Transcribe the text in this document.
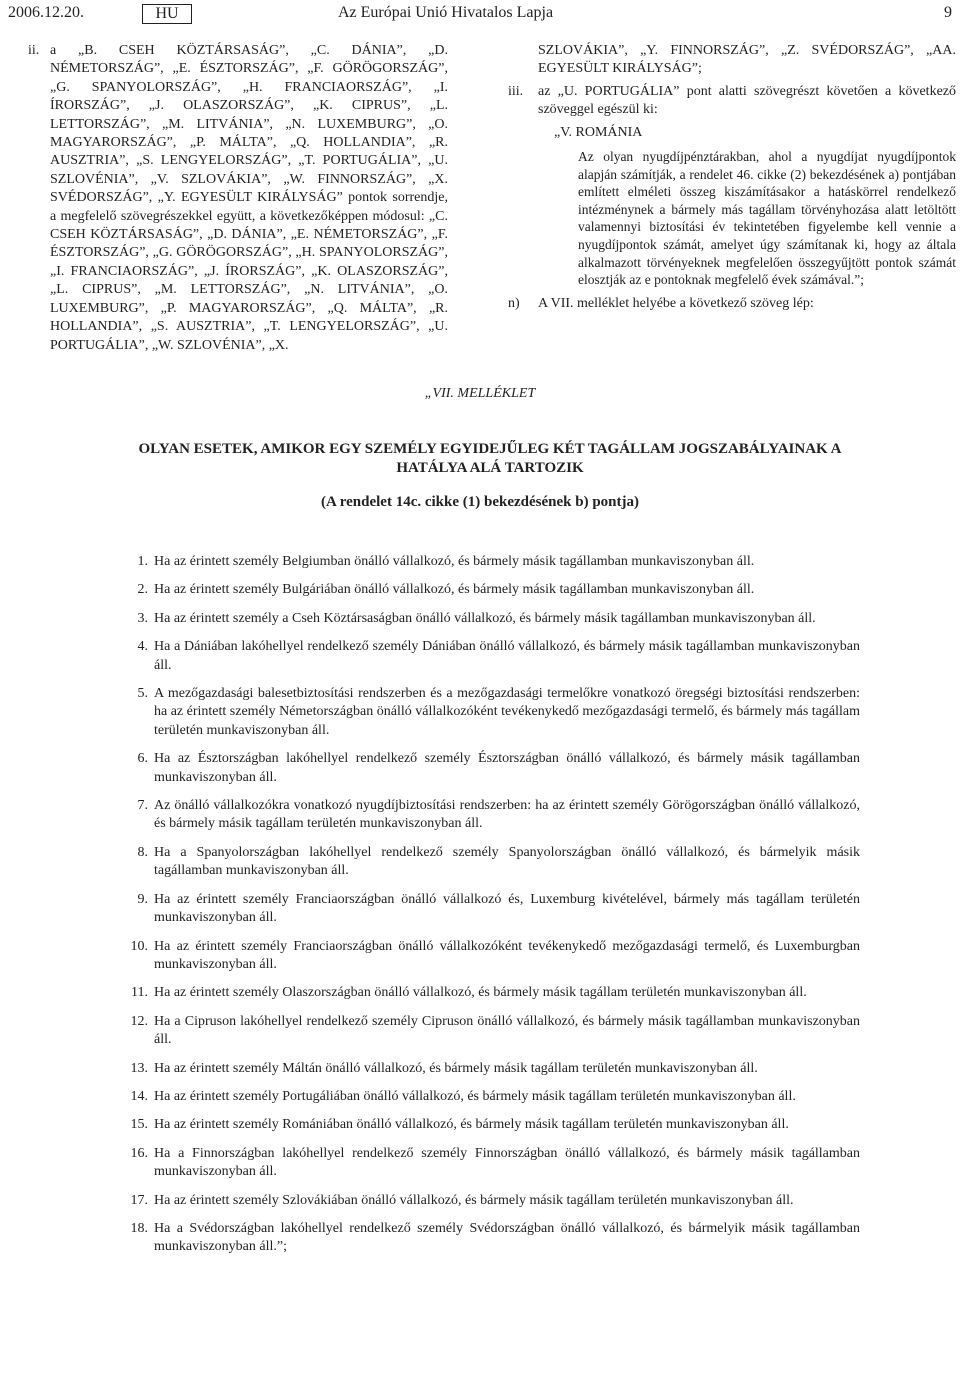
2006.12.20.	HU	Az Európai Unió Hivatalos Lapja	9
ii. a „B. CSEH KÖZTÁRSASÁG”, „C. DÁNIA”, „D. NÉMETORSZÁG”, „E. ÉSZTORSZÁG”, „F. GÖRÖGORSZÁG”, „G. SPANYOLORSZÁG”, „H. FRANCIAORSZÁG”, „I. ÍRORSZÁG”, „J. OLASZORSZÁG”, „K. CIPRUS”, „L. LETTORSZÁG”, „M. LITVÁNIA”, „N. LUXEMBURG”, „O. MAGYARORSZÁG”, „P. MÁLTA”, „Q. HOLLANDIA”, „R. AUSZTRIA”, „S. LENGYELORSZÁG”, „T. PORTUGÁLIA”, „U. SZLOVÉNIA”, „V. SZLOVÁKIA”, „W. FINNORSZÁG”, „X. SVÉDORSZÁG”, „Y. EGYESÜLT KIRÁLYSÁG” pontok sorrendje, a megfelelő szövegrészekkel együtt, a következőképpen módosul: „C. CSEH KÖZTÁRSASÁG”, „D. DÁNIA”, „E. NÉMETORSZÁG”, „F. ÉSZTORSZÁG”, „G. GÖRÖGORSZÁG”, „H. SPANYOLORSZÁG”, „I. FRANCIAORSZÁG”, „J. ÍRORSZÁG”, „K. OLASZORSZÁG”, „L. CIPRUS”, „M. LETTORSZÁG”, „N. LITVÁNIA”, „O. LUXEMBURG”, „P. MAGYARORSZÁG”, „Q. MÁLTA”, „R. HOLLANDIA”, „S. AUSZTRIA”, „T. LENGYELORSZÁG”, „U. PORTUGÁLIA”, „W. SZLOVÉNIA”, „X.

SZLOVÁKIA”, „Y. FINNORSZÁG”, „Z. SVÉDORSZÁG”, „AA. EGYESÜLT KIRÁLYSÁG”;

iii.	az „U. PORTUGÁLIA” pont alatti szövegrészt követően a következő szöveggel egészül ki:

„V. ROMÁNIA

Az olyan nyugdíjpénztárakban, ahol a nyugdíjat nyugdíjpontok alapján számítják, a rendelet 46. cikke (2) bekezdésének a) pontjában említett elméleti összeg kiszámításakor a hatáskörrel rendelkező intézménynek a bármely más tagállam törvényhozása alatt letöltött valamennyi biztosítási év tekintetében figyelembe kell vennie a nyugdíjpontok számát, amelyet úgy számítanak ki, hogy az általa alkalmazott törvényeknek megfelelően összegyűjtött pontok számát elosztják az e pontoknak megfelelő évek számával.”;

n)	A VII. melléklet helyébe a következő szöveg lép:

„VII. MELLÉKLET
OLYAN ESETEK, AMIKOR EGY SZEMÉLY EGYIDEJŰLEG KÉT TAGÁLLAM JOGSZABÁLYAINAK A HATÁLYA ALÁ TARTOZIK
(A rendelet 14c. cikke (1) bekezdésének b) pontja)
1. Ha az érintett személy Belgiumban önálló vállalkozó, és bármely másik tagállamban munkaviszonyban áll.
2. Ha az érintett személy Bulgáriában önálló vállalkozó, és bármely másik tagállamban munkaviszonyban áll.
3. Ha az érintett személy a Cseh Köztársaságban önálló vállalkozó, és bármely másik tagállamban munkaviszonyban áll.
4. Ha a Dániában lakóhellyel rendelkező személy Dániában önálló vállalkozó, és bármely másik tagállamban munkaviszonyban áll.
5. A mezőgazdasági balesetbiztosítási rendszerben és a mezőgazdasági termelőkre vonatkozó öregségi biztosítási rendszerben: ha az érintett személy Németországban önálló vállalkozóként tevékenykedő mezőgazdasági termelő, és bármely más tagállam területén munkaviszonyban áll.
6. Ha az Észtországban lakóhellyel rendelkező személy Észtországban önálló vállalkozó, és bármely másik tagállamban munkaviszonyban áll.
7. Az önálló vállalkozókra vonatkozó nyugdíjbiztosítási rendszerben: ha az érintett személy Görögországban önálló vállalkozó, és bármely másik tagállam területén munkaviszonyban áll.
8. Ha a Spanyolországban lakóhellyel rendelkező személy Spanyolországban önálló vállalkozó, és bármelyik másik tagállamban munkaviszonyban áll.
9. Ha az érintett személy Franciaországban önálló vállalkozó és, Luxemburg kivételével, bármely más tagállam területén munkaviszonyban áll.
10. Ha az érintett személy Franciaországban önálló vállalkozóként tevékenykedő mezőgazdasági termelő, és Luxemburgban munkaviszonyban áll.
11. Ha az érintett személy Olaszországban önálló vállalkozó, és bármely másik tagállam területén munkaviszonyban áll.
12. Ha a Cipruson lakóhellyel rendelkező személy Cipruson önálló vállalkozó, és bármely másik tagállamban munkaviszonyban áll.
13. Ha az érintett személy Máltán önálló vállalkozó, és bármely másik tagállam területén munkaviszonyban áll.
14. Ha az érintett személy Portugáliában önálló vállalkozó, és bármely másik tagállam területén munkaviszonyban áll.
15. Ha az érintett személy Romániában önálló vállalkozó, és bármely másik tagállam területén munkaviszonyban áll.
16. Ha a Finnországban lakóhellyel rendelkező személy Finnországban önálló vállalkozó, és bármely másik tagállamban munkaviszonyban áll.
17. Ha az érintett személy Szlovákiában önálló vállalkozó, és bármely másik tagállam területén munkaviszonyban áll.
18. Ha a Svédországban lakóhellyel rendelkező személy Svédországban önálló vállalkozó, és bármelyik másik tagállamban munkaviszonyban áll.”;
